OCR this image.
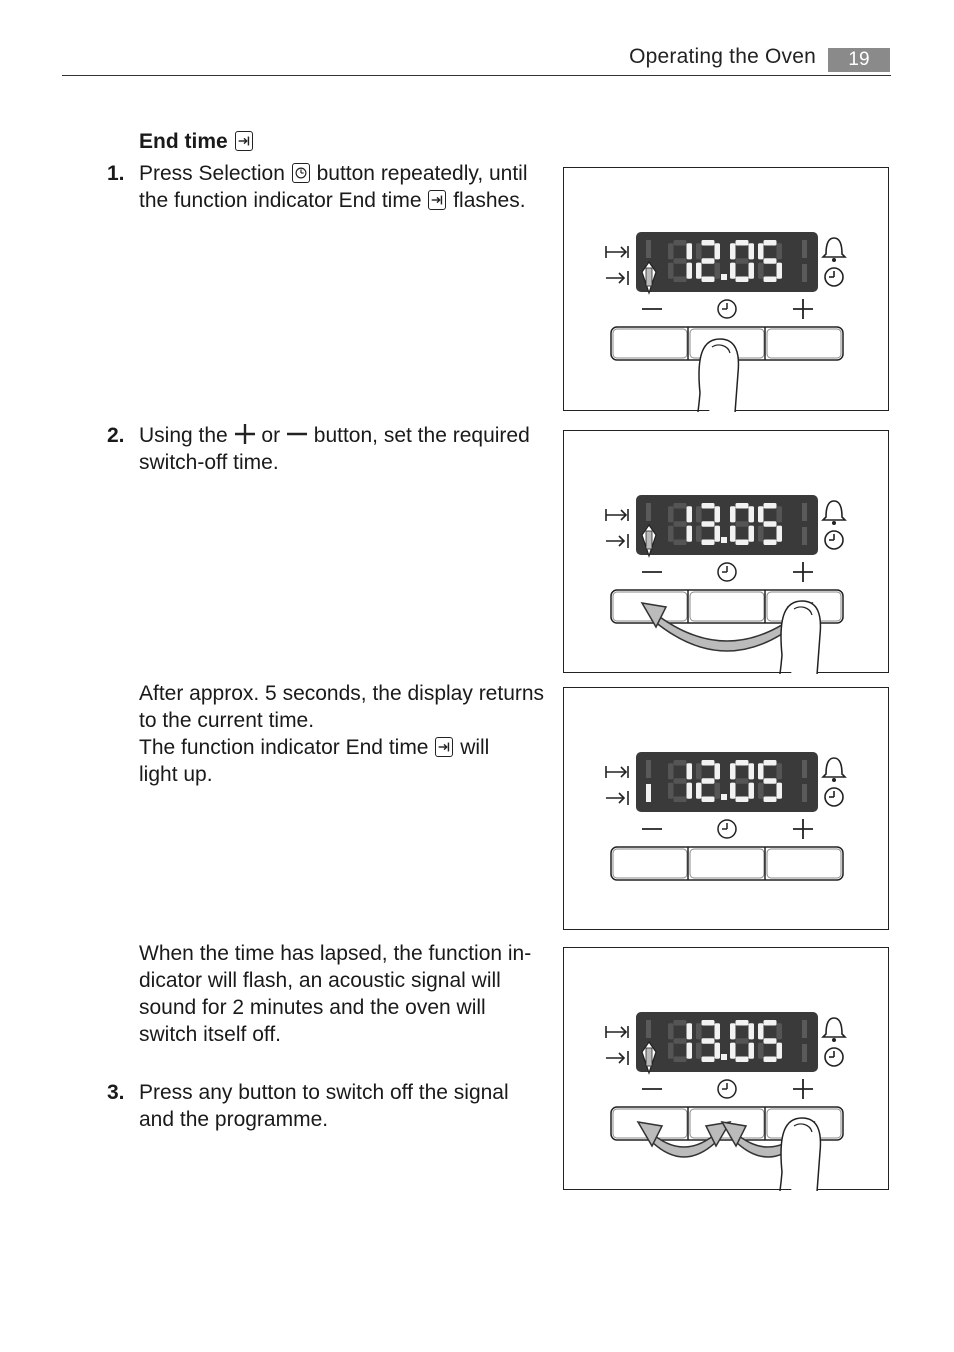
Operating the Oven	19
End time
1. Press Selection button repeatedly, until
the function indicator End time flashes.
2. Using the or button, set the required
switch-off time.
After approx. 5 seconds, the display returns
to the current time.
The function indicator End time will
light up.
When the time has lapsed, the function in-
dicator will flash, an acoustic signal will
sound for 2 minutes and the oven will
switch itself off.
3. Press any button to switch off the signal
and the programme.
